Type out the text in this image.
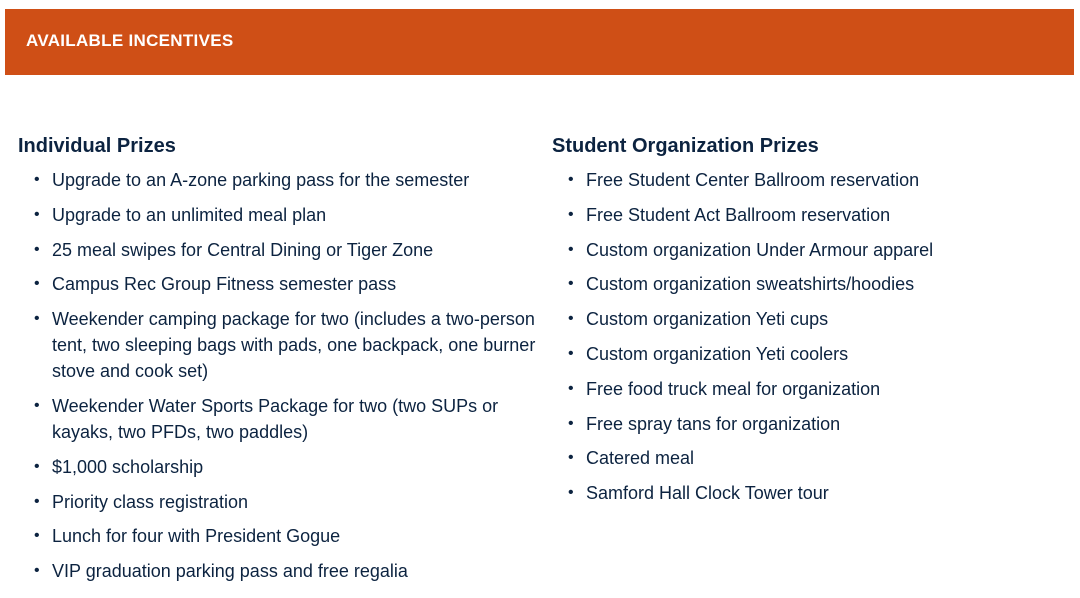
AVAILABLE INCENTIVES
Individual Prizes
• Upgrade to an A-zone parking pass for the semester
• Upgrade to an unlimited meal plan
• 25 meal swipes for Central Dining or Tiger Zone
• Campus Rec Group Fitness semester pass
• Weekender camping package for two (includes a two-person tent, two sleeping bags with pads, one backpack, one burner stove and cook set)
• Weekender Water Sports Package for two (two SUPs or kayaks, two PFDs, two paddles)
• $1,000 scholarship
• Priority class registration
• Lunch for four with President Gogue
• VIP graduation parking pass and free regalia
Student Organization Prizes
• Free Student Center Ballroom reservation
• Free Student Act Ballroom reservation
• Custom organization Under Armour apparel
• Custom organization sweatshirts/hoodies
• Custom organization Yeti cups
• Custom organization Yeti coolers
• Free food truck meal for organization
• Free spray tans for organization
• Catered meal
• Samford Hall Clock Tower tour
